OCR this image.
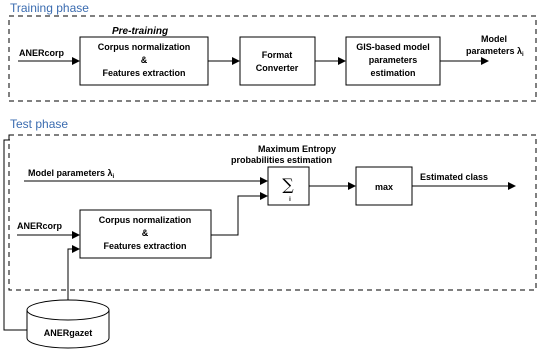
Training phase
Pre-training
ANERcorp
Corpus normalization
&
Features extraction
Format
Converter
GIS-based model
parameters
estimation
Model
parameters $\lambda_i$
Test phase
Maximum Entropy
probabilities estimation
Model parameters $\lambda_i$	∑
i
max
Estimated class
ANERcorp
Corpus normalization
&
Features extraction
ANERgazet
